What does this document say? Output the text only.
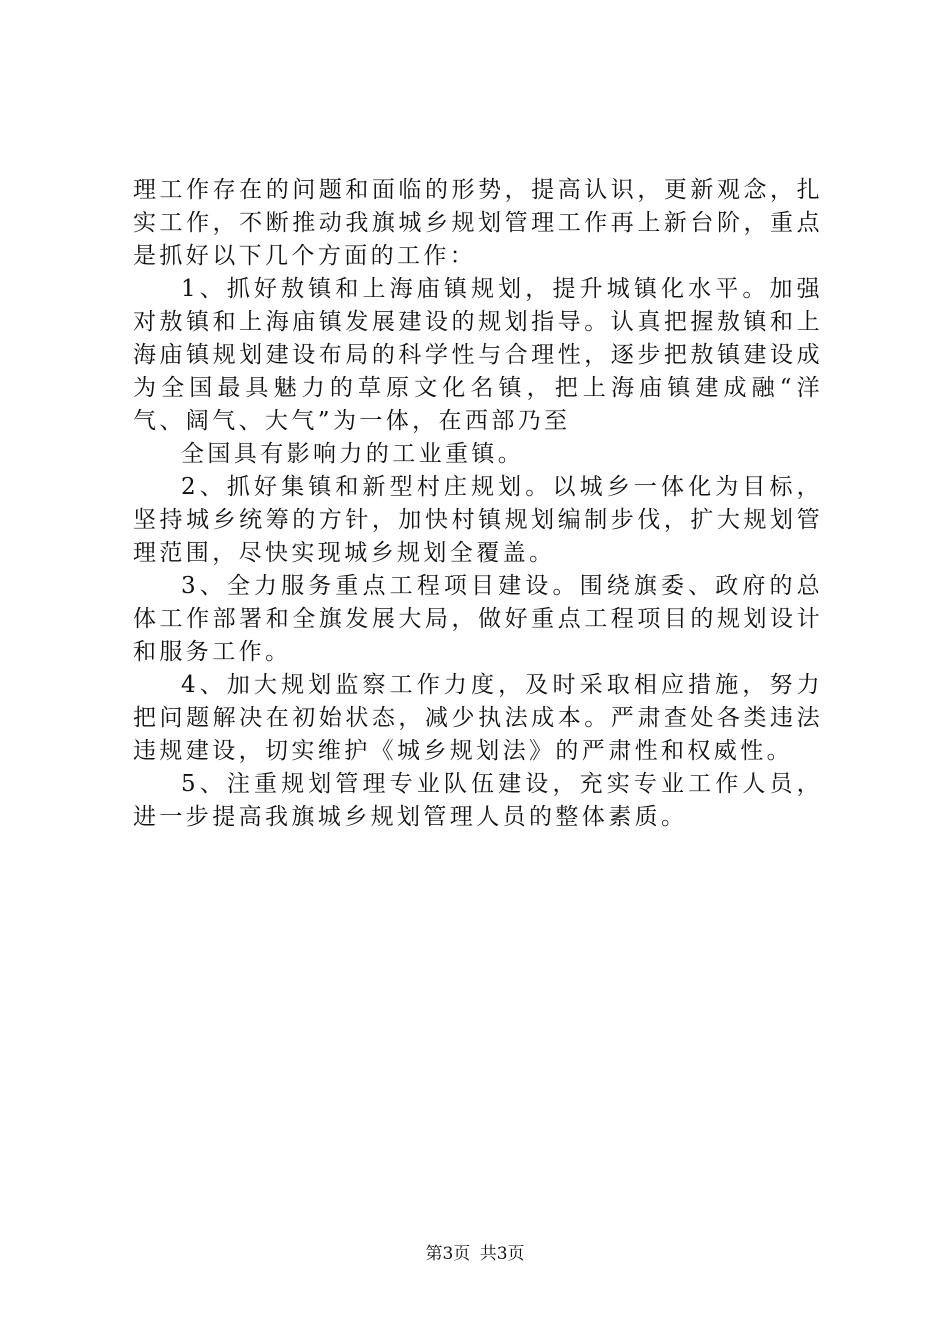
理工作存在的问题和面临的形势，提高认识，更新观念，扎实工作，不断推动我旗城乡规划管理工作再上新台阶，重点是抓好以下几个方面的工作：

1、抓好敖镇和上海庙镇规划，提升城镇化水平。加强对敖镇和上海庙镇发展建设的规划指导。认真把握敖镇和上海庙镇规划建设布局的科学性与合理性，逐步把敖镇建设成为全国最具魅力的草原文化名镇，把上海庙镇建成融“洋气、阔气、大气”为一体，在西部乃至

全国具有影响力的工业重镇。

2、抓好集镇和新型村庄规划。以城乡一体化为目标，坚持城乡统筹的方针，加快村镇规划编制步伐，扩大规划管理范围，尽快实现城乡规划全覆盖。

3、全力服务重点工程项目建设。围绕旗委、政府的总体工作部署和全旗发展大局，做好重点工程项目的规划设计和服务工作。

4、加大规划监察工作力度，及时采取相应措施，努力把问题解决在初始状态，减少执法成本。严肃查处各类违法违规建设，切实维护《城乡规划法》的严肃性和权威性。

5、注重规划管理专业队伍建设，充实专业工作人员，进一步提高我旗城乡规划管理人员的整体素质。

第3页 共3页
